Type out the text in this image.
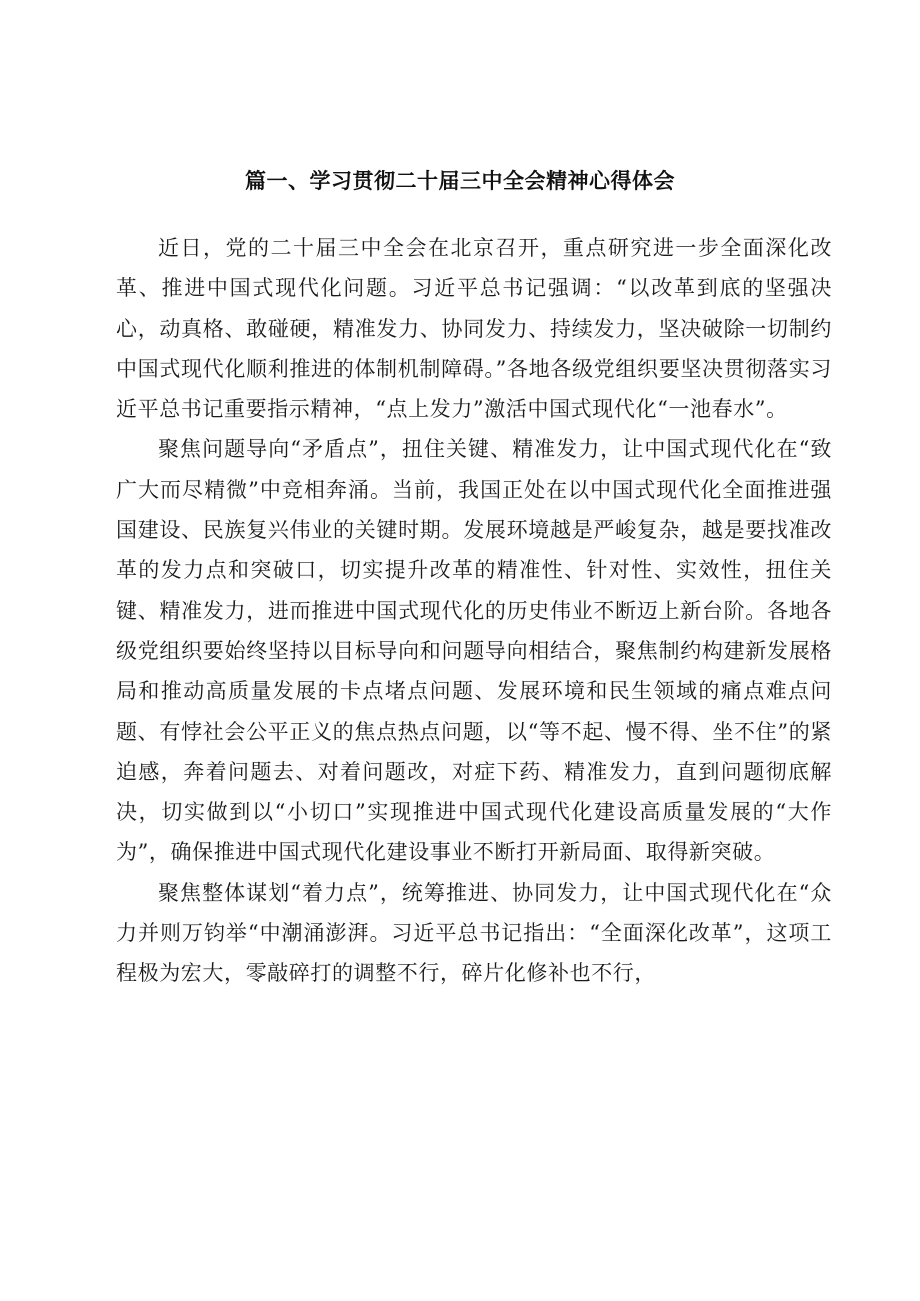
篇一、学习贯彻二十届三中全会精神心得体会

近日，党的二十届三中全会在北京召开，重点研究进一步全面深化改革、推进中国式现代化问题。习近平总书记强调：“以改革到底的坚强决心，动真格、敢碰硬，精准发力、协同发力、持续发力，坚决破除一切制约中国式现代化顺利推进的体制机制障碍。”各地各级党组织要坚决贯彻落实习近平总书记重要指示精神，“点上发力”激活中国式现代化“一池春水”。

聚焦问题导向“矛盾点”，扭住关键、精准发力，让中国式现代化在“致广大而尽精微”中竞相奔涌。当前，我国正处在以中国式现代化全面推进强国建设、民族复兴伟业的关键时期。发展环境越是严峻复杂，越是要找准改革的发力点和突破口，切实提升改革的精准性、针对性、实效性，扭住关键、精准发力，进而推进中国式现代化的历史伟业不断迈上新台阶。各地各级党组织要始终坚持以目标导向和问题导向相结合，聚焦制约构建新发展格局和推动高质量发展的卡点堵点问题、发展环境和民生领域的痛点难点问题、有悖社会公平正义的焦点热点问题，以“等不起、慢不得、坐不住”的紧迫感，奔着问题去、对着问题改，对症下药、精准发力，直到问题彻底解决，切实做到以“小切口”实现推进中国式现代化建设高质量发展的“大作为”，确保推进中国式现代化建设事业不断打开新局面、取得新突破。

聚焦整体谋划“着力点”，统筹推进、协同发力，让中国式现代化在“众力并则万钧举“中潮涌澎湃。习近平总书记指出：“全面深化改革”，这项工程极为宏大，零敲碎打的调整不行，碎片化修补也不行，
